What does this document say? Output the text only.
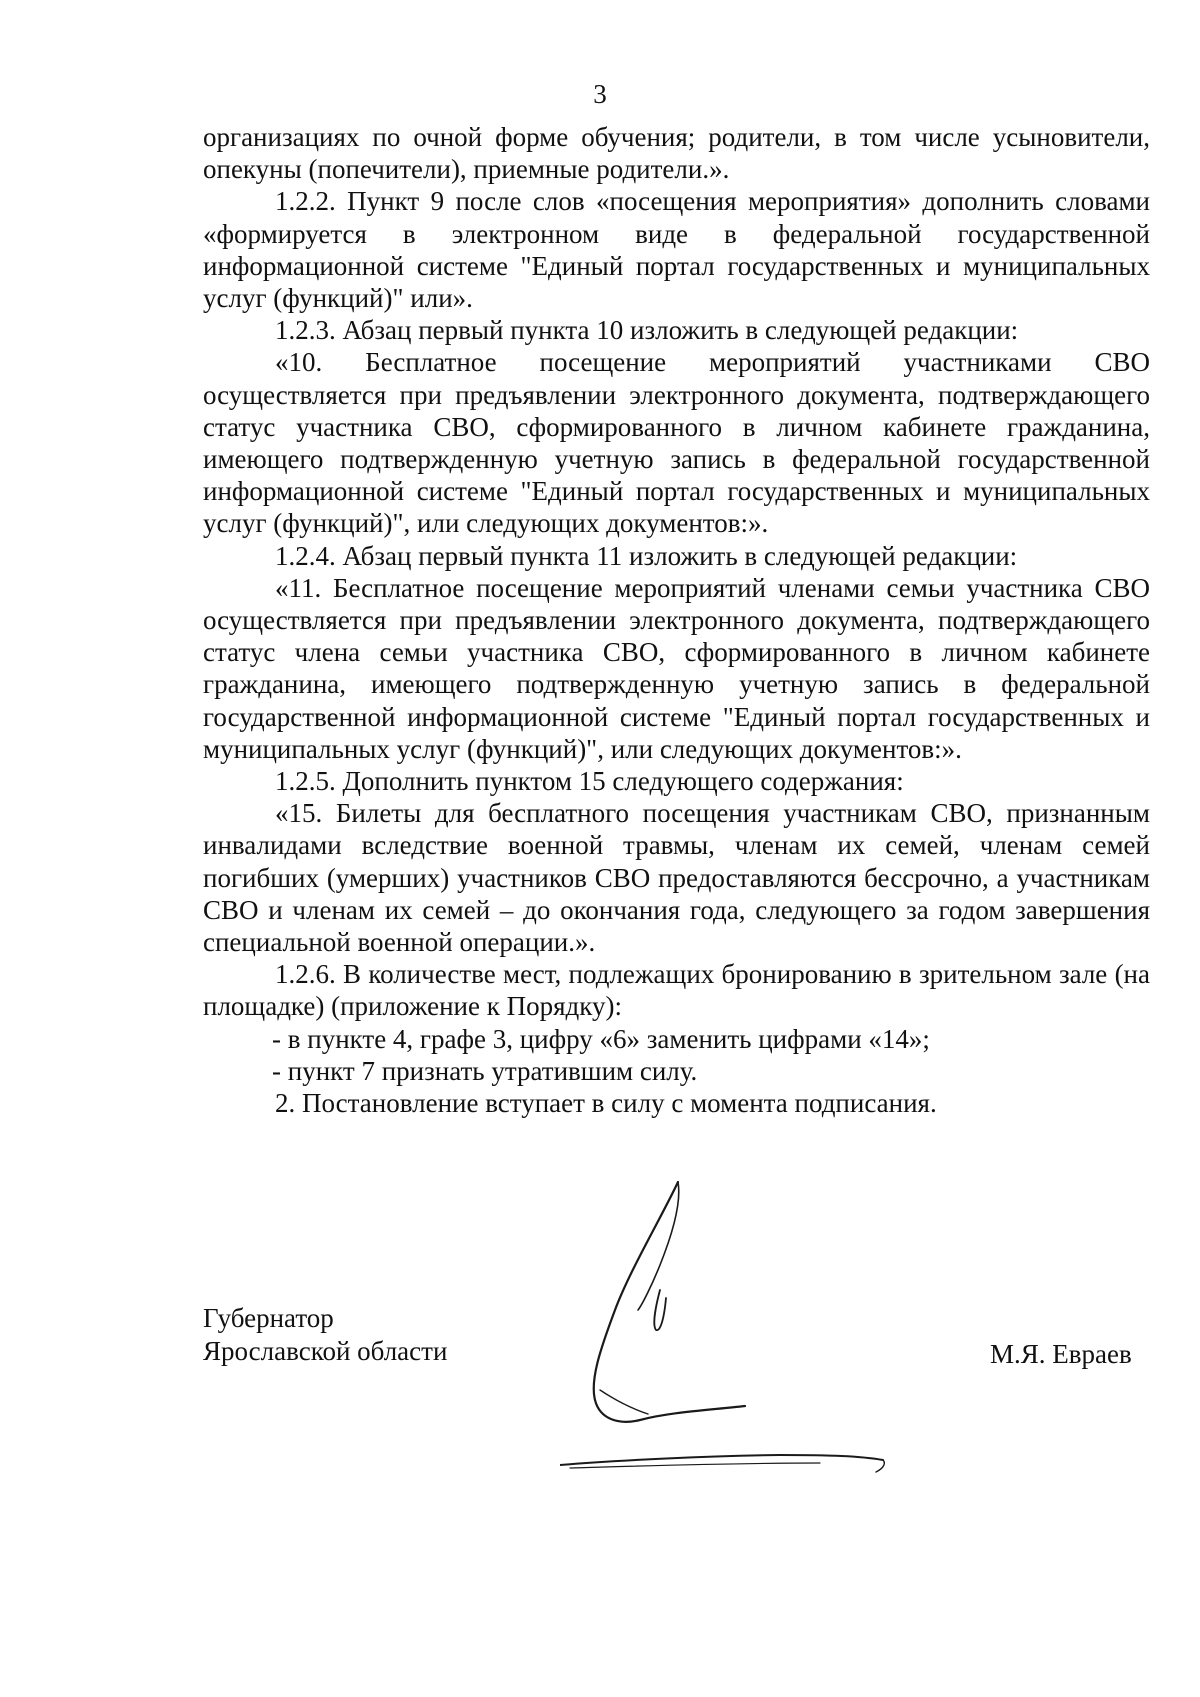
3

организациях по очной форме обучения; родители, в том числе усыновители, опекуны (попечители), приемные родители.».

1.2.2. Пункт 9 после слов «посещения мероприятия» дополнить словами «формируется в электронном виде в федеральной государственной информационной системе "Единый портал государственных и муниципальных услуг (функций)" или».

1.2.3. Абзац первый пункта 10 изложить в следующей редакции:

«10. Бесплатное посещение мероприятий участниками СВО осуществляется при предъявлении электронного документа, подтверждающего статус участника СВО, сформированного в личном кабинете гражданина, имеющего подтвержденную учетную запись в федеральной государственной информационной системе "Единый портал государственных и муниципальных услуг (функций)", или следующих документов:».

1.2.4. Абзац первый пункта 11 изложить в следующей редакции:

«11. Бесплатное посещение мероприятий членами семьи участника СВО осуществляется при предъявлении электронного документа, подтверждающего статус члена семьи участника СВО, сформированного в личном кабинете гражданина, имеющего подтвержденную учетную запись в федеральной государственной информационной системе "Единый портал государственных и муниципальных услуг (функций)", или следующих документов:».

1.2.5. Дополнить пунктом 15 следующего содержания:

«15. Билеты для бесплатного посещения участникам СВО, признанным инвалидами вследствие военной травмы, членам их семей, членам семей погибших (умерших) участников СВО предоставляются бессрочно, а участникам СВО и членам их семей – до окончания года, следующего за годом завершения специальной военной операции.».

1.2.6. В количестве мест, подлежащих бронированию в зрительном зале (на площадке) (приложение к Порядку):

- в пункте 4, графе 3, цифру «6» заменить цифрами «14»;

- пункт 7 признать утратившим силу.

2. Постановление вступает в силу с момента подписания.

Губернатор
Ярославской области	М.Я. Евраев
